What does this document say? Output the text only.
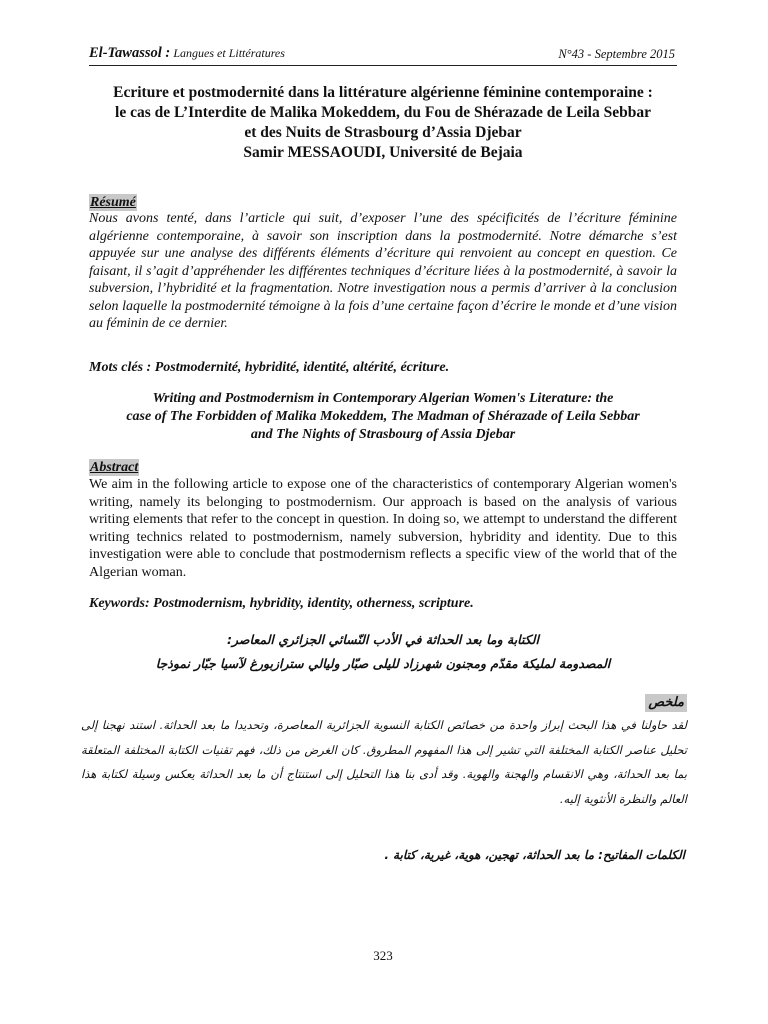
El-Tawassol : Langues et Littératures	N°43 - Septembre 2015
Ecriture et postmodernité dans la littérature algérienne féminine contemporaine :
le cas de L’Interdite de Malika Mokeddem, du Fou de Shérazade de Leila Sebbar
et des Nuits de Strasbourg d’Assia Djebar
Samir MESSAOUDI, Université de Bejaia
Résumé
Nous avons tenté, dans l’article qui suit, d’exposer l’une des spécificités de l’écriture féminine algérienne contemporaine, à savoir son inscription dans la postmodernité. Notre démarche s’est appuyée sur une analyse des différents éléments d’écriture qui renvoient au concept en question. Ce faisant, il s’agit d’appréhender les différentes techniques d’écriture liées à la postmodernité, à savoir la subversion, l’hybridité et la fragmentation. Notre investigation nous a permis d’arriver à la conclusion selon laquelle la postmodernité témoigne à la fois d’une certaine façon d’écrire le monde et d’une vision au féminin de ce dernier.
Mots clés : Postmodernité, hybridité, identité, altérité, écriture.
Writing and Postmodernism in Contemporary Algerian Women's Literature: the
case of The Forbidden of Malika Mokeddem, The Madman of Shérazade of Leila Sebbar
and The Nights of Strasbourg of Assia Djebar
Abstract
We aim in the following article to expose one of the characteristics of contemporary Algerian women's writing, namely its belonging to postmodernism. Our approach is based on the analysis of various writing elements that refer to the concept in question. In doing so, we attempt to understand the different writing technics related to postmodernism, namely subversion, hybridity and identity. Due to this investigation were able to conclude that postmodernism reflects a specific view of the world that of the Algerian woman.
Keywords: Postmodernism, hybridity, identity, otherness, scripture.
الكتابة وما بعد الحداثة في الأدب النّسائي الجزائري المعاصر:
المصدومة لمليكة مقدّم ومجنون شهرزاد لليلى صبّار وليالي سترازبورغ لآسيا جبّار نموذجا
ملخص
لقد حاولنا في هذا البحث إبراز واحدة من خصائص الكتابة النسوية الجزائرية المعاصرة، وتحديدا ما بعد الحداثة. استند نهجنا إلى تحليل عناصر الكتابة المختلفة التي تشير إلى هذا المفهوم المطروق. كان الغرض من ذلك، فهم تقنيات الكتابة المختلفة المتعلقة بما بعد الحداثة، وهي الانقسام والهجنة والهوية. وقد أدى بنا هذا التحليل إلى استنتاج أن ما بعد الحداثة يعكس وسيلة لكتابة هذا العالم والنظرة الأنثوية إليه.
الكلمات المفاتيح: ما بعد الحداثة، تهجين، هوية، غيرية، كتابة .
323
